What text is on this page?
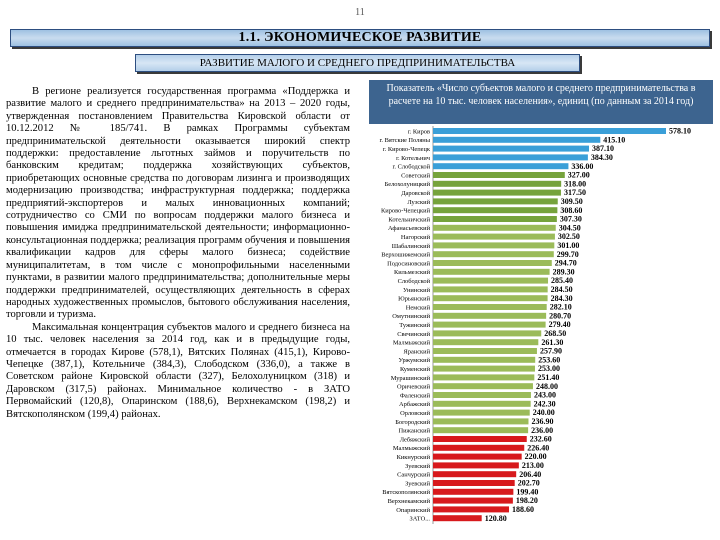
11
1.1. ЭКОНОМИЧЕСКОЕ РАЗВИТИЕ
РАЗВИТИЕ МАЛОГО И СРЕДНЕГО ПРЕДПРИНИМАТЕЛЬСТВА

В регионе реализуется государственная программа «Поддержка и развитие малого и среднего предпринимательства» на 2013 – 2020 годы, утвержденная постановлением Правительства Кировской области от 10.12.2012 № 185/741. В рамках Программы субъектам предпринимательской деятельности оказывается широкий спектр поддержки: предоставление льготных займов и поручительств по банковским кредитам; поддержка хозяйствующих субъектов, приобретающих основные средства по договорам лизинга и производящих модернизацию производства; инфраструктурная поддержка; поддержка предприятий-экспортеров и малых инновационных компаний; сотрудничество со СМИ по вопросам поддержки малого бизнеса и повышения имиджа предпринимательской деятельности; информационно-консультационная поддержка; реализация программ обучения и повышения квалификации кадров для сферы малого бизнеса; содействие муниципалитетам, в том числе с монопрофильными населенными пунктами, в развитии малого предпринимательства; дополнительные меры поддержки предпринимателей, осуществляющих деятельность в сферах народных художественных промыслов, бытового обслуживания населения, торговли и туризма.

Максимальная концентрация субъектов малого и среднего бизнеса на 10 тыс. человек населения за 2014 год, как и в предыдущие годы, отмечается в городах Кирове (578,1), Вятских Полянах (415,1), Кирово-Чепецке (387,1), Котельниче (384,3), Слободском (336,0), а также в Советском районе Кировской области (327), Белохолуницком (318) и Даровском (317,5) районах. Минимальное количество - в ЗАТО Первомайский (120,8), Опаринском (188,6), Верхнекамском (198,2) и Вятскополянском (199,4) районах.

Показатель «Число субъектов малого и среднего предпринимательства в расчете на 10 тыс. человек населения», единиц (по данным за 2014 год)
г. Киров	578.10
г. Вятские Поляны	415.10
г. Кирово-Чепецк	387.10
г. Котельнич	384.30
г. Слободской	336.00
Советский	327.00
Белохолуницкий	318.00
Даровской	317.50
Лузский	309.50
Кирово-Чепецкий	308.60
Котельничский	307.30
Афанасьевский	304.50
Нагорский	302.50
Шабалинский	301.00
Верхошижемский	299.70
Подосиновский	294.70
Кильмезский	289.30
Слободской	285.40
Унинский	284.50
Юрьянский	284.30
Немский	282.10
Омутнинский	280.70
Тужинский	279.40
Свечинский	268.50
Малмыжский	261.30
Яранский	257.90
Уржумский	253.60
Куменский	253.00
Мурашинский	251.40
Оричевский	248.00
Фаленский	243.00
Арбажский	242.30
Орловский	240.00
Богородский	236.90
Пижанский	236.00
Лебяжский	232.60
Малмыжский	226.40
Кикнурский	220.00
Зуевский	213.00
Санчурский	206.40
Зуевский	202.70
Вятскополянский	199.40
Верхнекамский	198.20
Опаринский	188.60
ЗАТО...	120.80
